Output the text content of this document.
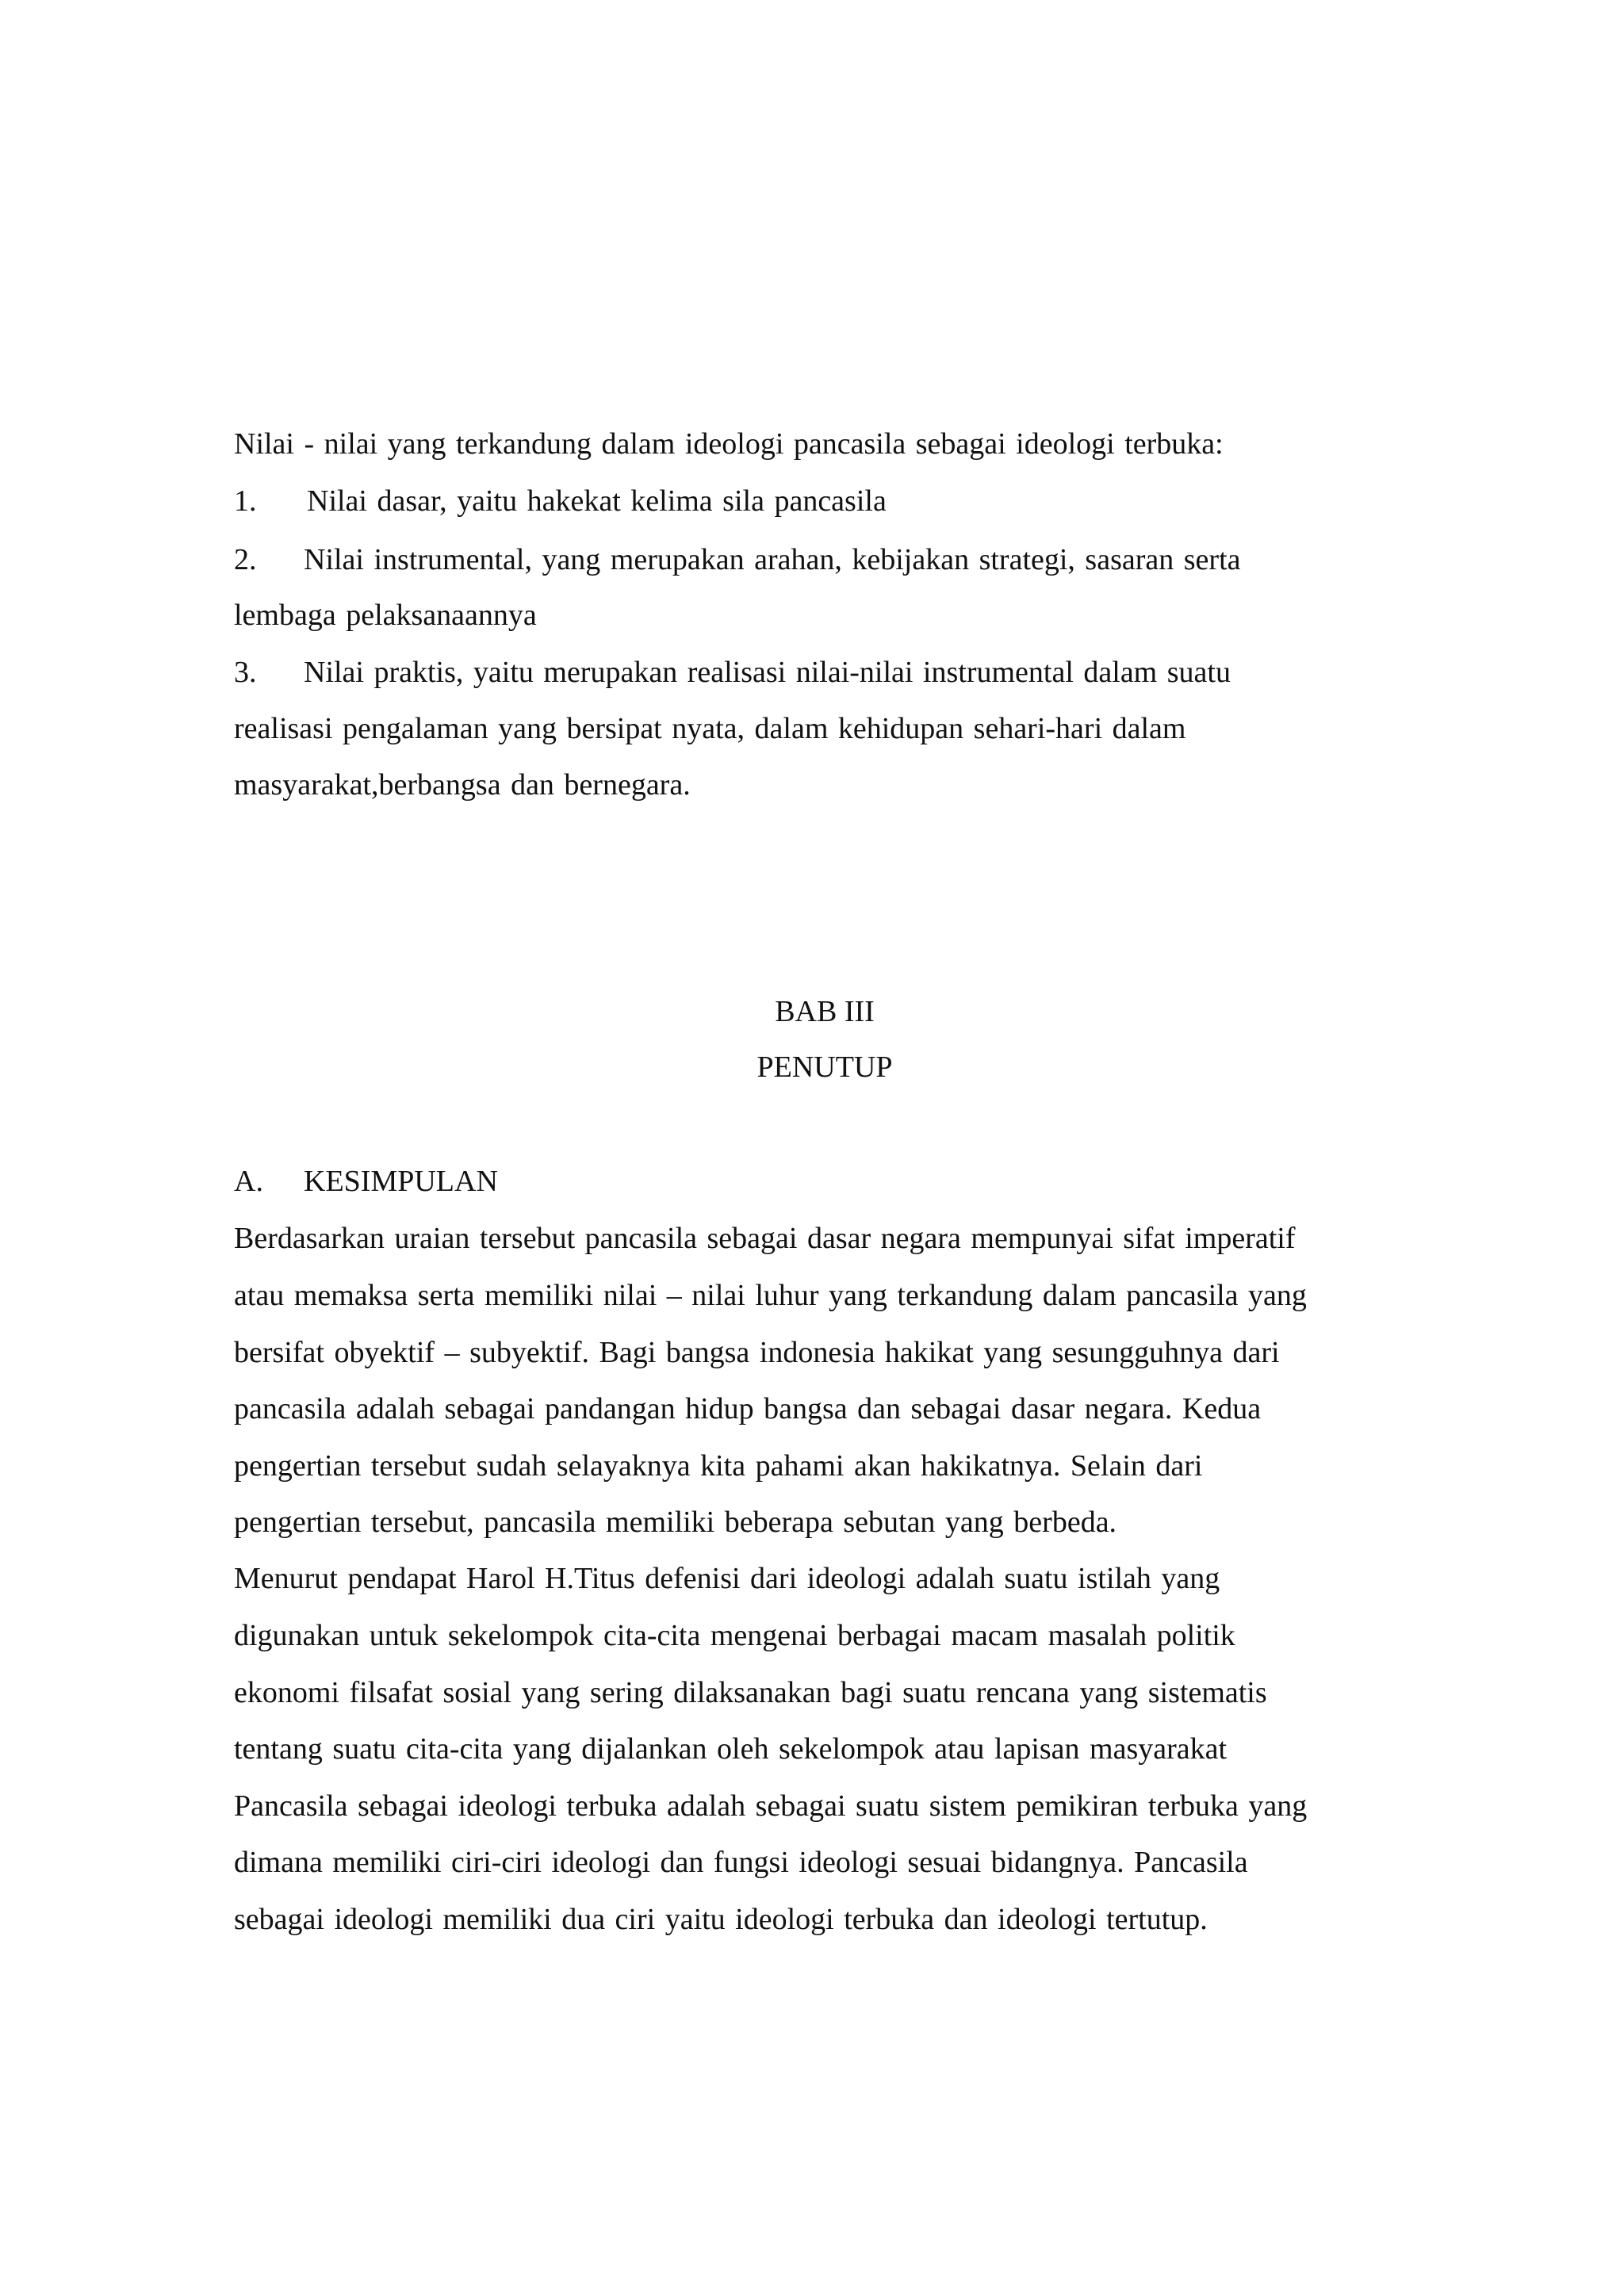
Nilai - nilai yang terkandung dalam ideologi pancasila sebagai ideologi terbuka:
1. Nilai dasar, yaitu hakekat kelima sila pancasila
2. Nilai instrumental, yang merupakan arahan, kebijakan strategi, sasaran serta
lembaga pelaksanaannya
3. Nilai praktis, yaitu merupakan realisasi nilai-nilai instrumental dalam suatu
realisasi pengalaman yang bersipat nyata, dalam kehidupan sehari-hari dalam
masyarakat,berbangsa dan bernegara.
BAB III
PENUTUP
A. KESIMPULAN
Berdasarkan uraian tersebut pancasila sebagai dasar negara mempunyai sifat imperatif
atau memaksa serta memiliki nilai – nilai luhur yang terkandung dalam pancasila yang
bersifat obyektif – subyektif. Bagi bangsa indonesia hakikat yang sesungguhnya dari
pancasila adalah sebagai pandangan hidup bangsa dan sebagai dasar negara. Kedua
pengertian tersebut sudah selayaknya kita pahami akan hakikatnya. Selain dari
pengertian tersebut, pancasila memiliki beberapa sebutan yang berbeda.
Menurut pendapat Harol H.Titus defenisi dari ideologi adalah suatu istilah yang
digunakan untuk sekelompok cita-cita mengenai berbagai macam masalah politik
ekonomi filsafat sosial yang sering dilaksanakan bagi suatu rencana yang sistematis
tentang suatu cita-cita yang dijalankan oleh sekelompok atau lapisan masyarakat
Pancasila sebagai ideologi terbuka adalah sebagai suatu sistem pemikiran terbuka yang
dimana memiliki ciri-ciri ideologi dan fungsi ideologi sesuai bidangnya. Pancasila
sebagai ideologi memiliki dua ciri yaitu ideologi terbuka dan ideologi tertutup.
